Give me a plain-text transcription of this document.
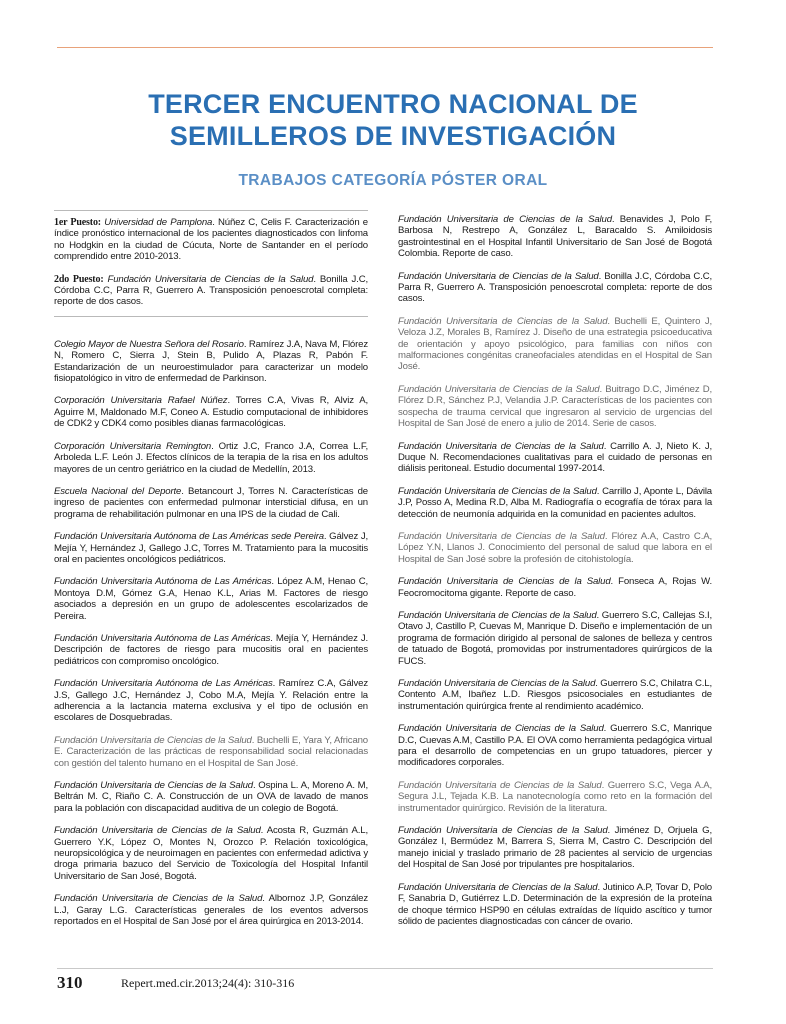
TERCER ENCUENTRO NACIONAL DE
SEMILLEROS DE INVESTIGACIÓN
TRABAJOS CATEGORÍA PÓSTER ORAL

1er Puesto: Universidad de Pamplona. Núñez C, Celis F. Caracterización e índice pronóstico internacional de los pacientes diagnosticados con linfoma no Hodgkin en la ciudad de Cúcuta, Norte de Santander en el período comprendido entre 2010-2013.

2do Puesto: Fundación Universitaria de Ciencias de la Salud. Bonilla J.C, Córdoba C.C, Parra R, Guerrero A. Transposición penoescrotal completa: reporte de dos casos.

Colegio Mayor de Nuestra Señora del Rosario. Ramírez J.A, Nava M, Flórez N, Romero C, Sierra J, Stein B, Pulido A, Plazas R, Pabón F. Estandarización de un neuroestimulador para caracterizar un modelo fisiopatológico in vitro de enfermedad de Parkinson.

Corporación Universitaria Rafael Núñez. Torres C.A, Vivas R, Alviz A, Aguirre M, Maldonado M.F, Coneo A. Estudio computacional de inhibidores de CDK2 y CDK4 como posibles dianas farmacológicas.

Corporación Universitaria Remington. Ortiz J.C, Franco J.A, Correa L.F, Arboleda L.F. León J. Efectos clínicos de la terapia de la risa en los adultos mayores de un centro geriátrico en la ciudad de Medellín, 2013.

Escuela Nacional del Deporte. Betancourt J, Torres N. Características de ingreso de pacientes con enfermedad pulmonar intersticial difusa, en un programa de rehabilitación pulmonar en una IPS de la ciudad de Cali.

Fundación Universitaria Autónoma de Las Américas sede Pereira. Gálvez J, Mejía Y, Hernández J, Gallego J.C, Torres M. Tratamiento para la mucositis oral en pacientes oncológicos pediátricos.

Fundación Universitaria Autónoma de Las Américas. López A.M, Henao C, Montoya D.M, Gómez G.A, Henao K.L, Arias M. Factores de riesgo asociados a depresión en un grupo de adolescentes escolarizados de Pereira.

Fundación Universitaria Autónoma de Las Américas. Mejía Y, Hernández J. Descripción de factores de riesgo para mucositis oral en pacientes pediátricos con compromiso oncológico.

Fundación Universitaria Autónoma de Las Américas. Ramírez C.A, Gálvez J.S, Gallego J.C, Hernández J, Cobo M.A, Mejía Y. Relación entre la adherencia a la lactancia materna exclusiva y el tipo de oclusión en escolares de Dosquebradas.

Fundación Universitaria de Ciencias de la Salud. Buchelli E, Yara Y, Africano E. Caracterización de las prácticas de responsabilidad social relacionadas con gestión del talento humano en el Hospital de San José.

Fundación Universitaria de Ciencias de la Salud. Ospina L. A, Moreno A. M, Beltrán M. C, Riaño C. A. Construcción de un OVA de lavado de manos para la población con discapacidad auditiva de un colegio de Bogotá.

Fundación Universitaria de Ciencias de la Salud. Acosta R, Guzmán A.L, Guerrero Y.K, López O, Montes N, Orozco P. Relación toxicológica, neuropsicológica y de neuroimagen en pacientes con enfermedad adictiva y droga primaria bazuco del Servicio de Toxicología del Hospital Infantil Universitario de San José, Bogotá.

Fundación Universitaria de Ciencias de la Salud. Albornoz J.P, González L.J, Garay L.G. Características generales de los eventos adversos reportados en el Hospital de San José por el área quirúrgica en 2013-2014.

Fundación Universitaria de Ciencias de la Salud. Benavides J, Polo F, Barbosa N, Restrepo A, González L, Baracaldo S. Amiloidosis gastrointestinal en el Hospital Infantil Universitario de San José de Bogotá Colombia. Reporte de caso.

Fundación Universitaria de Ciencias de la Salud. Bonilla J.C, Córdoba C.C, Parra R, Guerrero A. Transposición penoescrotal completa: reporte de dos casos.

Fundación Universitaria de Ciencias de la Salud. Buchelli E, Quintero J, Veloza J.Z, Morales B, Ramírez J. Diseño de una estrategia psicoeducativa de orientación y apoyo psicológico, para familias con niños con malformaciones congénitas craneofaciales atendidas en el Hospital de San José.

Fundación Universitaria de Ciencias de la Salud. Buitrago D.C, Jiménez D, Flórez D.R, Sánchez P.J, Velandia J.P. Características de los pacientes con sospecha de trauma cervical que ingresaron al servicio de urgencias del Hospital de San José de enero a julio de 2014. Serie de casos.

Fundación Universitaria de Ciencias de la Salud. Carrillo A. J, Nieto K. J, Duque N. Recomendaciones cualitativas para el cuidado de personas en diálisis peritoneal. Estudio documental 1997-2014.

Fundación Universitaria de Ciencias de la Salud. Carrillo J, Aponte L, Dávila J.P, Posso A, Medina R.D, Alba M. Radiografía o ecografía de tórax para la detección de neumonía adquirida en la comunidad en pacientes adultos.

Fundación Universitaria de Ciencias de la Salud. Flórez A.A, Castro C.A, López Y.N, Llanos J. Conocimiento del personal de salud que labora en el Hospital de San José sobre la profesión de citohistología.

Fundación Universitaria de Ciencias de la Salud. Fonseca A, Rojas W. Feocromocitoma gigante. Reporte de caso.

Fundación Universitaria de Ciencias de la Salud. Guerrero S.C, Callejas S.I, Otavo J, Castillo P, Cuevas M, Manrique D. Diseño e implementación de un programa de formación dirigido al personal de salones de belleza y centros de tatuado de Bogotá, promovidas por instrumentadores quirúrgicos de la FUCS.

Fundación Universitaria de Ciencias de la Salud. Guerrero S.C, Chilatra C.L, Contento A.M, Ibañez L.D. Riesgos psicosociales en estudiantes de instrumentación quirúrgica frente al rendimiento académico.

Fundación Universitaria de Ciencias de la Salud. Guerrero S.C, Manrique D.C, Cuevas A.M, Castillo P.A. El OVA como herramienta pedagógica virtual para el desarrollo de competencias en un grupo tatuadores, piercer y modificadores corporales.

Fundación Universitaria de Ciencias de la Salud. Guerrero S.C, Vega A.A, Segura J.L, Tejada K.B. La nanotecnología como reto en la formación del instrumentador quirúrgico. Revisión de la literatura.

Fundación Universitaria de Ciencias de la Salud. Jiménez D, Orjuela G, González I, Bermúdez M, Barrera S, Sierra M, Castro C. Descripción del manejo inicial y traslado primario de 28 pacientes al servicio de urgencias del Hospital de San José por tripulantes pre hospitalarios.

Fundación Universitaria de Ciencias de la Salud. Jutinico A.P, Tovar D, Polo F, Sanabria D, Gutiérrez L.D. Determinación de la expresión de la proteína de choque térmico HSP90 en células extraídas de líquido ascítico y tumor sólido de pacientes diagnosticadas con cáncer de ovario.

310	Repert.med.cir.2013;24(4): 310-316
